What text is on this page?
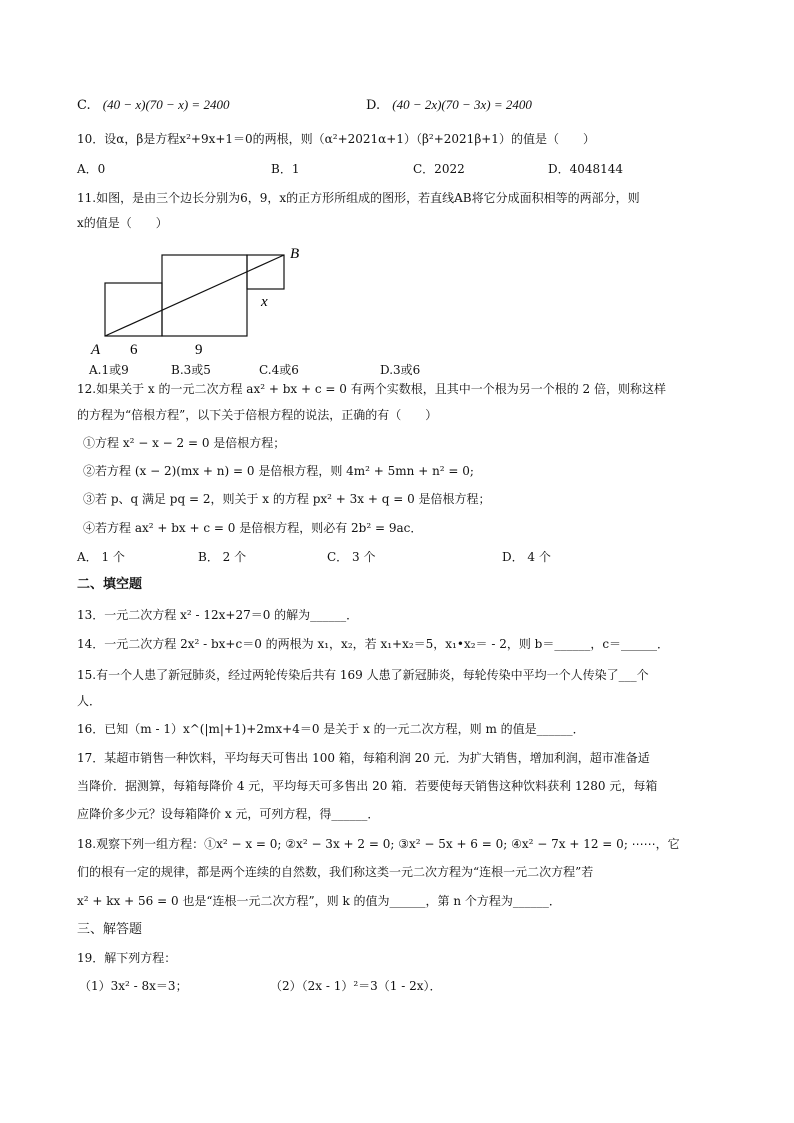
C. (40 − x)(70 − x) = 2400	D. (40 − 2x)(70 − 3x) = 2400
10．设α，β是方程x²+9x+1＝0的两根，则（α²+2021α+1）（β²+2021β+1）的值是（　　）
A．0	B．1	C．2022	D．4048144
11.如图，是由三个边长分别为6，9，x的正方形所组成的图形，若直线AB将它分成面积相等的两部分，则
x的值是（　　）
A
B
6	9
x
A.1或9	B.3或5	C.4或6	D.3或6
12.如果关于 x 的一元二次方程 ax² + bx + c = 0 有两个实数根，且其中一个根为另一个根的 2 倍，则称这样
的方程为“倍根方程”，以下关于倍根方程的说法，正确的有（　　）
①方程 x² − x − 2 = 0 是倍根方程；
②若方程 (x − 2)(mx + n) = 0 是倍根方程，则 4m² + 5mn + n² = 0;
③若 p、q 满足 pq = 2，则关于 x 的方程 px² + 3x + q = 0 是倍根方程；
④若方程 ax² + bx + c = 0 是倍根方程，则必有 2b² = 9ac．
A． 1 个	B． 2 个	C． 3 个	D． 4 个
二、填空题
13．一元二次方程 x² - 12x+27＝0 的解为______．
14．一元二次方程 2x² - bx+c＝0 的两根为 x₁，x₂，若 x₁+x₂＝5，x₁•x₂＝ - 2，则 b＝______，c＝______．
15.有一个人患了新冠肺炎，经过两轮传染后共有 169 人患了新冠肺炎，每轮传染中平均一个人传染了___个
人．
16．已知（m - 1）x^(|m|+1)+2mx+4＝0 是关于 x 的一元二次方程，则 m 的值是______．
17．某超市销售一种饮料，平均每天可售出 100 箱，每箱利润 20 元．为扩大销售，增加利润，超市准备适
当降价．据测算，每箱每降价 4 元，平均每天可多售出 20 箱．若要使每天销售这种饮料获利 1280 元，每箱
应降价多少元？设每箱降价 x 元，可列方程，得______．
18.观察下列一组方程：①x² − x = 0; ②x² − 3x + 2 = 0; ③x² − 5x + 6 = 0; ④x² − 7x + 12 = 0; ⋯⋯，它
们的根有一定的规律，都是两个连续的自然数，我们称这类一元二次方程为“连根一元二次方程”若
x² + kx + 56 = 0 也是“连根一元二次方程”，则 k 的值为______，第 n 个方程为______．
三、解答题
19．解下列方程：
（1）3x² - 8x＝3；	（2）（2x - 1）²＝3（1 - 2x）．
